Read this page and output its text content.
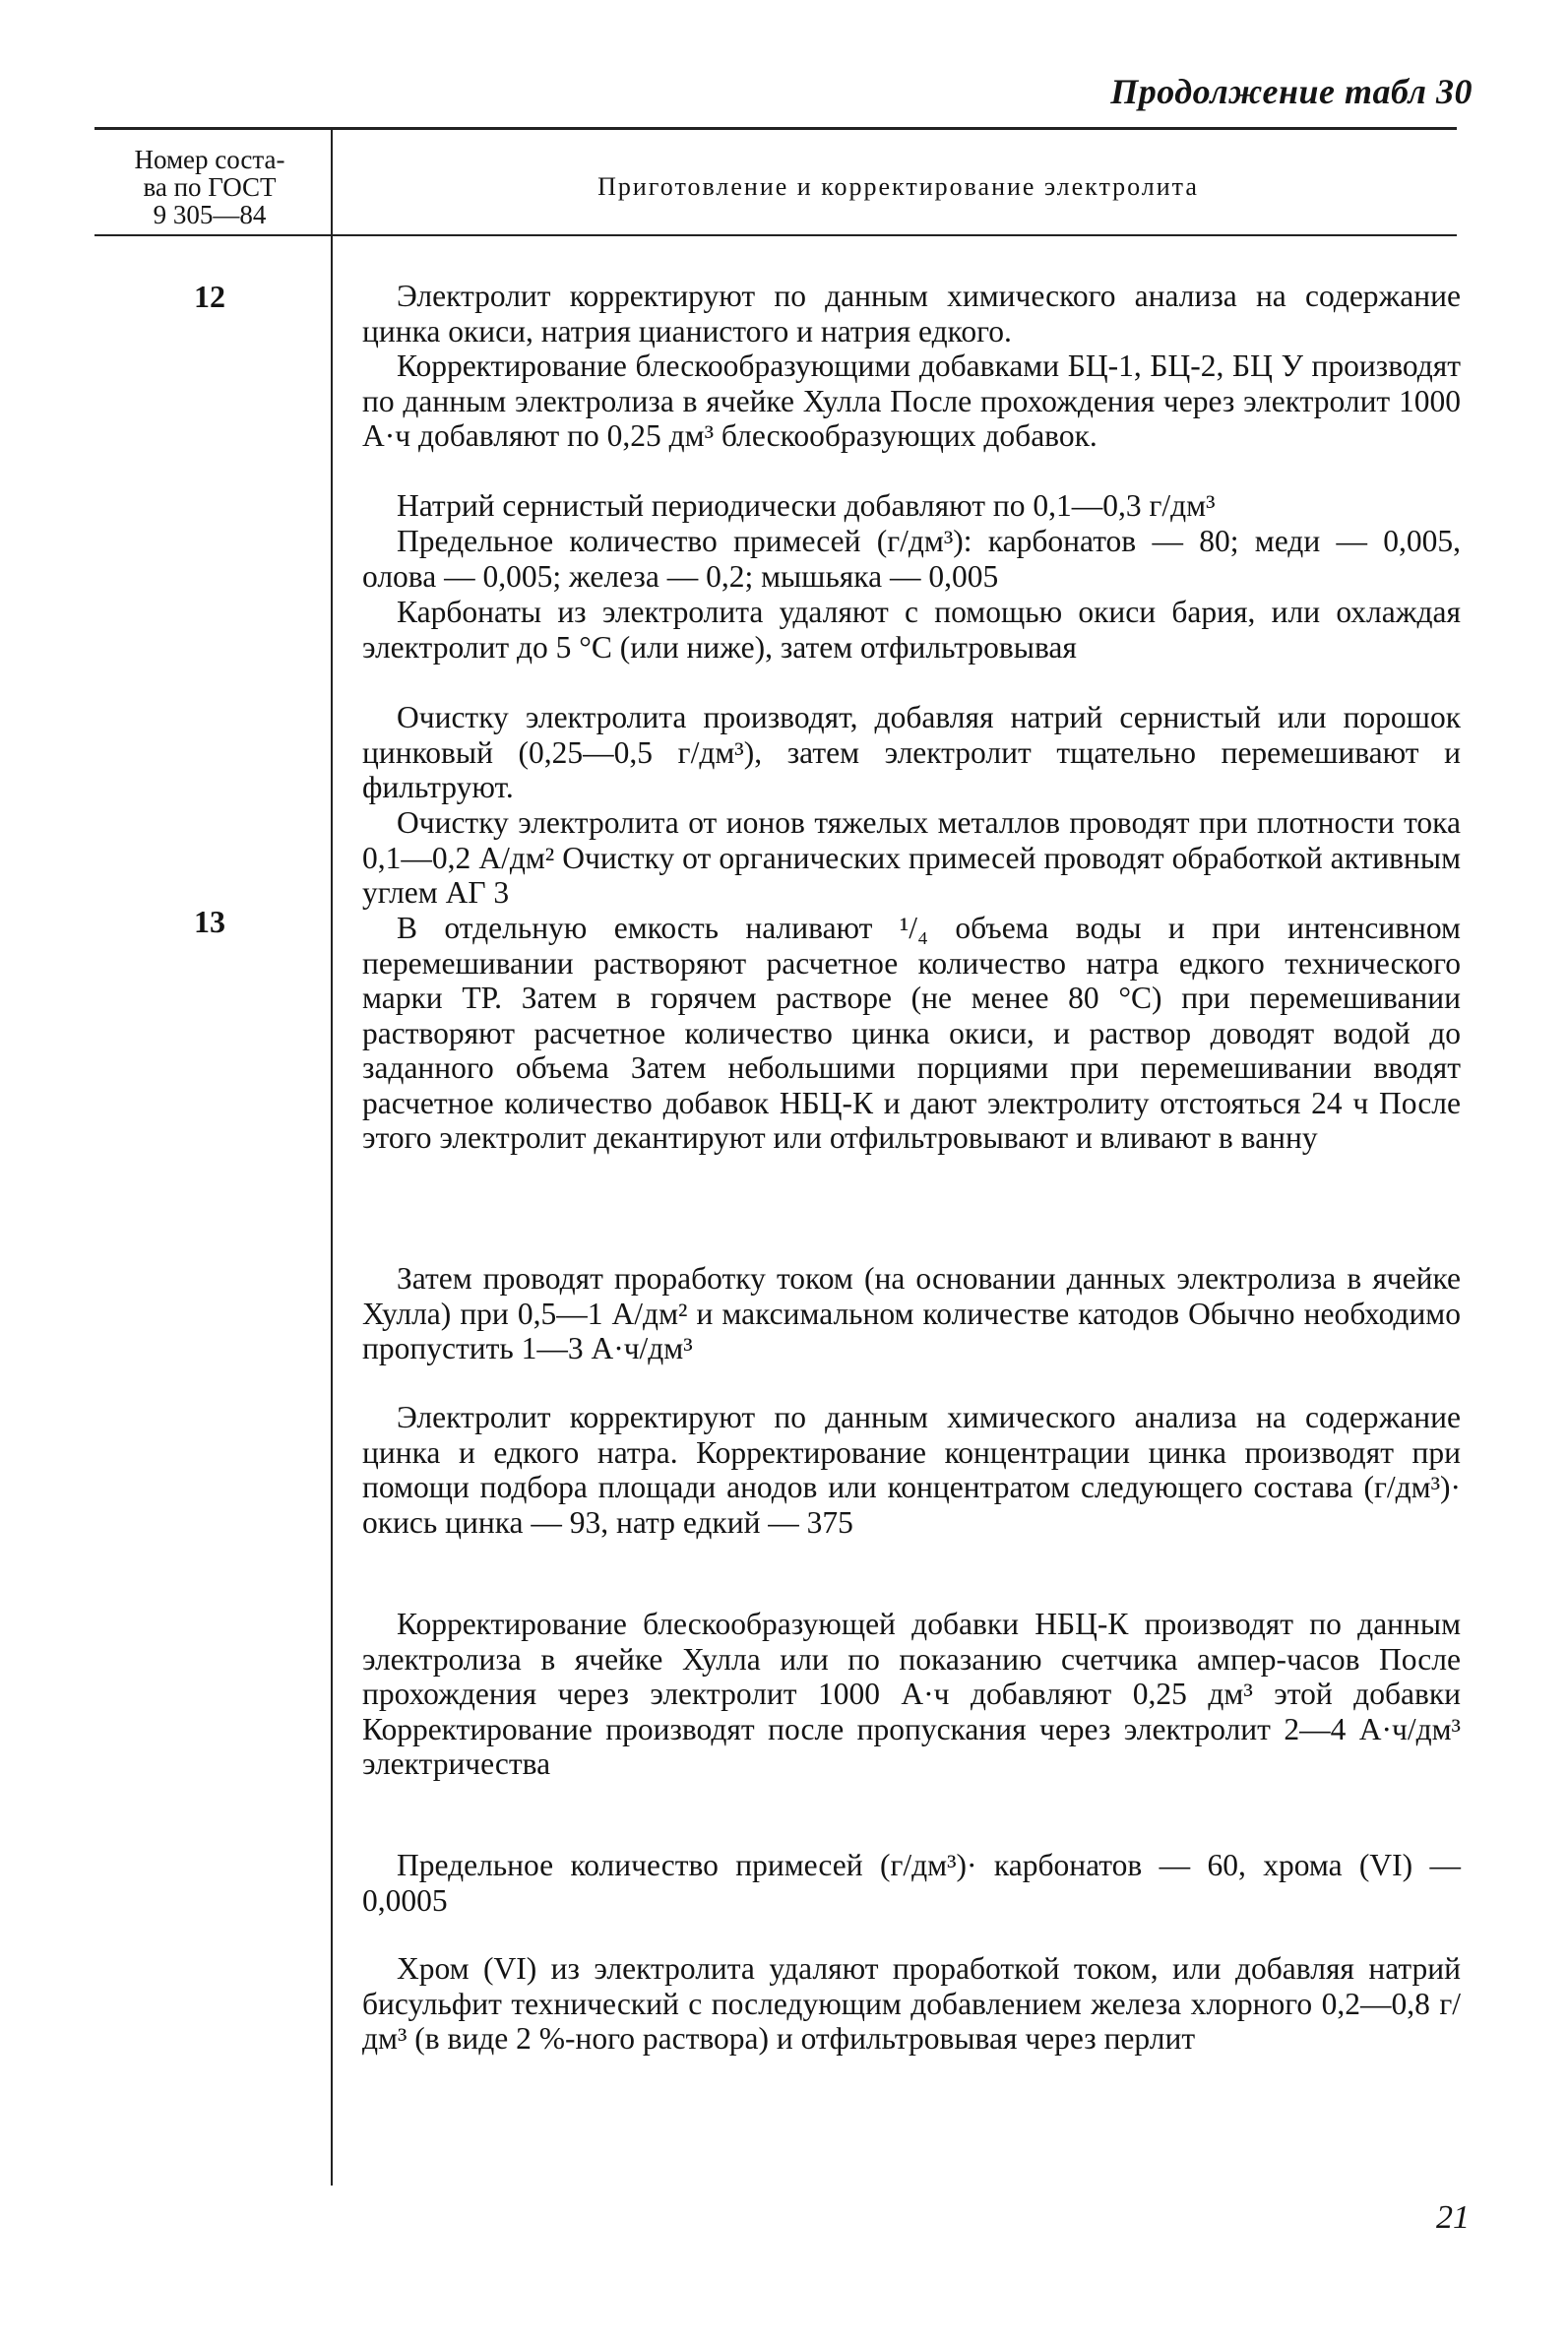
Продолжение табл 30
Номер соста-
ва по ГОСТ
9 305—84
Приготовление и корректирование электролита
12
13

Электролит корректируют по данным химического анализа на содержание цинка окиси, натрия цианистого и натрия едкого.

Корректирование блескообразующими добавками БЦ-1, БЦ-2, БЦ У производят по данным электролиза в ячейке Хулла После прохождения через электролит 1000 А·ч добавляют по 0,25 дм³ блескообразующих добавок.

Натрий сернистый периодически добавляют по 0,1—0,3 г/дм³

Предельное количество примесей (г/дм³): карбонатов — 80; меди — 0,005, олова — 0,005; железа — 0,2; мышьяка — 0,005

Карбонаты из электролита удаляют с помощью окиси бария, или охлаждая электролит до 5 °С (или ниже), затем отфильтровывая

Очистку электролита производят, добавляя натрий сернистый или порошок цинковый (0,25—0,5 г/дм³), затем электролит тщательно перемешивают и фильтруют.

Очистку электролита от ионов тяжелых металлов проводят при плотности тока 0,1—0,2 А/дм² Очистку от органических примесей проводят обработкой активным углем АГ 3

В отдельную емкость наливают ¹/₄ объема воды и при интенсивном перемешивании растворяют расчетное количество натра едкого технического марки ТР. Затем в горячем растворе (не менее 80 °С) при перемешивании растворяют расчетное количество цинка окиси, и раствор доводят водой до заданного объема Затем небольшими порциями при перемешивании вводят расчетное количество добавок НБЦ-К и дают электролиту отстояться 24 ч После этого электролит декантируют или отфильтровывают и вливают в ванну

Затем проводят проработку током (на основании данных электролиза в ячейке Хулла) при 0,5—1 А/дм² и максимальном количестве катодов Обычно необходимо пропустить 1—3 А·ч/дм³

Электролит корректируют по данным химического анализа на содержание цинка и едкого натра. Корректирование концентрации цинка производят при помощи подбора площади анодов или концентратом следующего состава (г/дм³)· окись цинка — 93, натр едкий — 375

Корректирование блескообразующей добавки НБЦ-К производят по данным электролиза в ячейке Хулла или по показанию счетчика ампер-часов После прохождения через электролит 1000 А·ч добавляют 0,25 дм³ этой добавки Корректирование производят после пропускания через электролит 2—4 А·ч/дм³ электричества

Предельное количество примесей (г/дм³)· карбонатов — 60, хрома (VI) — 0,0005

Хром (VI) из электролита удаляют проработкой током, или добавляя натрий бисульфит технический с последующим добавлением железа хлорного 0,2—0,8 г/дм³ (в виде 2 %-ного раствора) и отфильтровывая через перлит

21
